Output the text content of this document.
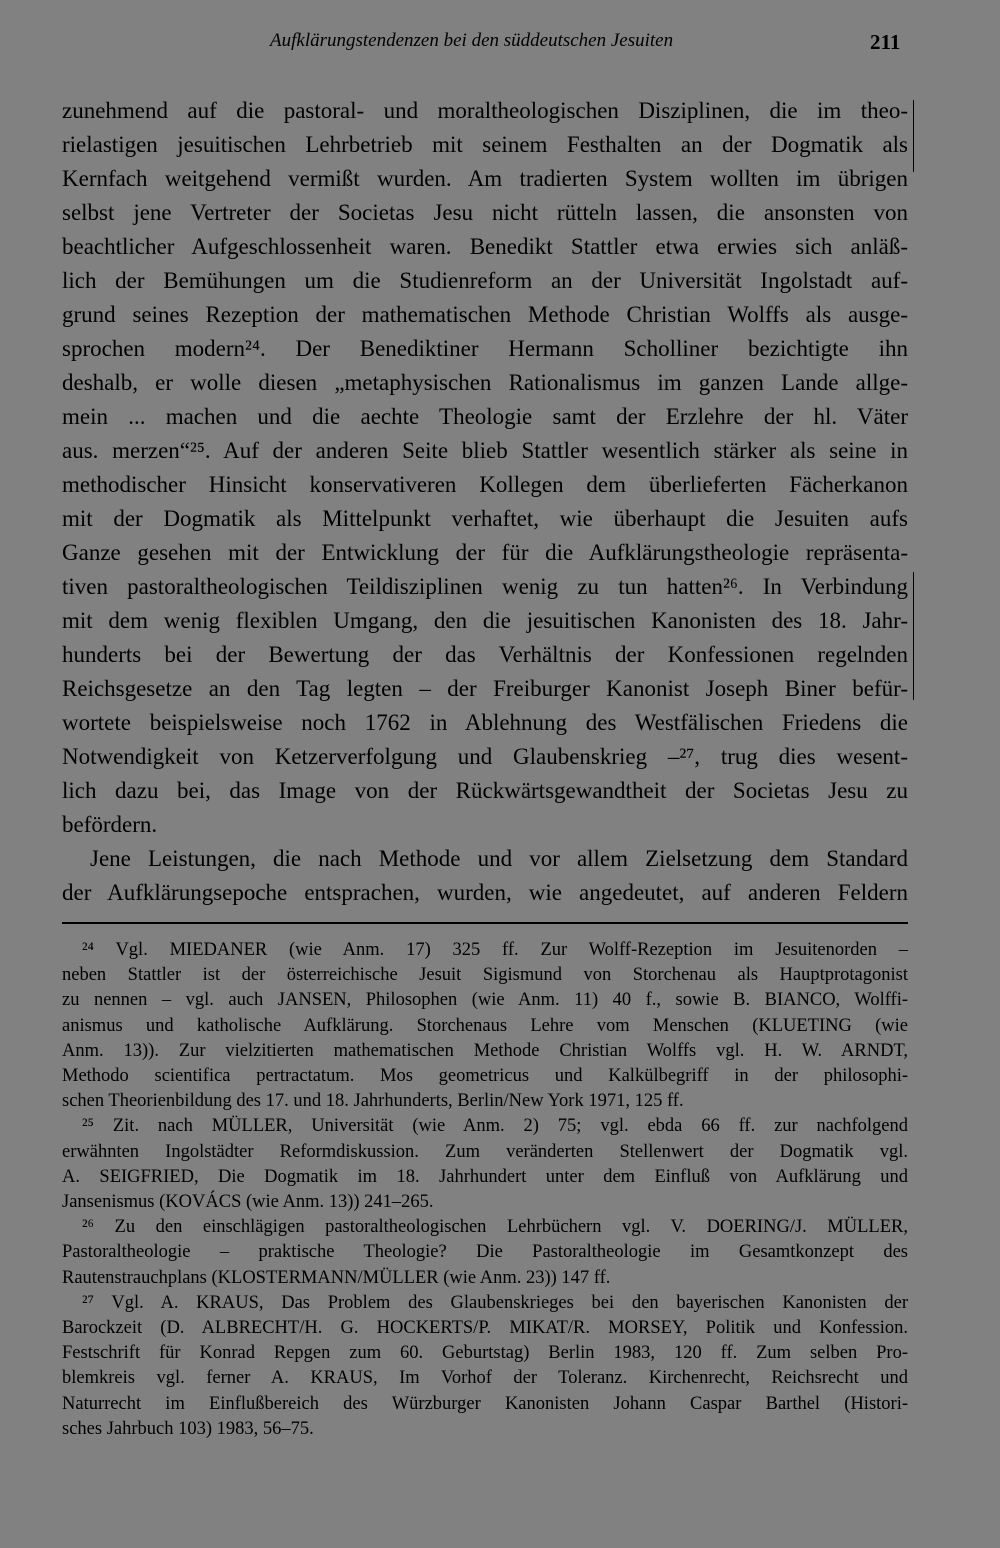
Aufklärungstendenzen bei den süddeutschen Jesuiten	211
zunehmend auf die pastoral- und moraltheologischen Disziplinen, die im theo-
rielastigen jesuitischen Lehrbetrieb mit seinem Festhalten an der Dogmatik als
Kernfach weitgehend vermißt wurden. Am tradierten System wollten im übrigen
selbst jene Vertreter der Societas Jesu nicht rütteln lassen, die ansonsten von
beachtlicher Aufgeschlossenheit waren. Benedikt Stattler etwa erwies sich anläß-
lich der Bemühungen um die Studienreform an der Universität Ingolstadt auf-
grund seines Rezeption der mathematischen Methode Christian Wolffs als ausge-
sprochen modern²⁴. Der Benediktiner Hermann Scholliner bezichtigte ihn
deshalb, er wolle diesen „metaphysischen Rationalismus im ganzen Lande allge-
mein ... machen und die aechte Theologie samt der Erzlehre der hl. Väter
aus. merzen“²⁵. Auf der anderen Seite blieb Stattler wesentlich stärker als seine in
methodischer Hinsicht konservativeren Kollegen dem überlieferten Fächerkanon
mit der Dogmatik als Mittelpunkt verhaftet, wie überhaupt die Jesuiten aufs
Ganze gesehen mit der Entwicklung der für die Aufklärungstheologie repräsenta-
tiven pastoraltheologischen Teildisziplinen wenig zu tun hatten²⁶. In Verbindung
mit dem wenig flexiblen Umgang, den die jesuitischen Kanonisten des 18. Jahr-
hunderts bei der Bewertung der das Verhältnis der Konfessionen regelnden
Reichsgesetze an den Tag legten – der Freiburger Kanonist Joseph Biner befür-
wortete beispielsweise noch 1762 in Ablehnung des Westfälischen Friedens die
Notwendigkeit von Ketzerverfolgung und Glaubenskrieg –²⁷, trug dies wesent-
lich dazu bei, das Image von der Rückwärtsgewandtheit der Societas Jesu zu
befördern.
Jene Leistungen, die nach Methode und vor allem Zielsetzung dem Standard
der Aufklärungsepoche entsprachen, wurden, wie angedeutet, auf anderen Feldern
²⁴ Vgl. MIEDANER (wie Anm. 17) 325 ff. Zur Wolff-Rezeption im Jesuitenorden –
neben Stattler ist der österreichische Jesuit Sigismund von Storchenau als Hauptprotagonist
zu nennen – vgl. auch JANSEN, Philosophen (wie Anm. 11) 40 f., sowie B. BIANCO, Wolffi-
anismus und katholische Aufklärung. Storchenaus Lehre vom Menschen (KLUETING (wie
Anm. 13)). Zur vielzitierten mathematischen Methode Christian Wolffs vgl. H. W. ARNDT,
Methodo scientifica pertractatum. Mos geometricus und Kalkülbegriff in der philosophi-
schen Theorienbildung des 17. und 18. Jahrhunderts, Berlin/New York 1971, 125 ff.
²⁵ Zit. nach MÜLLER, Universität (wie Anm. 2) 75; vgl. ebda 66 ff. zur nachfolgend
erwähnten Ingolstädter Reformdiskussion. Zum veränderten Stellenwert der Dogmatik vgl.
A. SEIGFRIED, Die Dogmatik im 18. Jahrhundert unter dem Einfluß von Aufklärung und
Jansenismus (KOVÁCS (wie Anm. 13)) 241–265.
²⁶ Zu den einschlägigen pastoraltheologischen Lehrbüchern vgl. V. DOERING/J. MÜLLER,
Pastoraltheologie – praktische Theologie? Die Pastoraltheologie im Gesamtkonzept des
Rautenstrauchplans (KLOSTERMANN/MÜLLER (wie Anm. 23)) 147 ff.
²⁷ Vgl. A. KRAUS, Das Problem des Glaubenskrieges bei den bayerischen Kanonisten der
Barockzeit (D. ALBRECHT/H. G. HOCKERTS/P. MIKAT/R. MORSEY, Politik und Konfession.
Festschrift für Konrad Repgen zum 60. Geburtstag) Berlin 1983, 120 ff. Zum selben Pro-
blemkreis vgl. ferner A. KRAUS, Im Vorhof der Toleranz. Kirchenrecht, Reichsrecht und
Naturrecht im Einflußbereich des Würzburger Kanonisten Johann Caspar Barthel (Histori-
sches Jahrbuch 103) 1983, 56–75.
